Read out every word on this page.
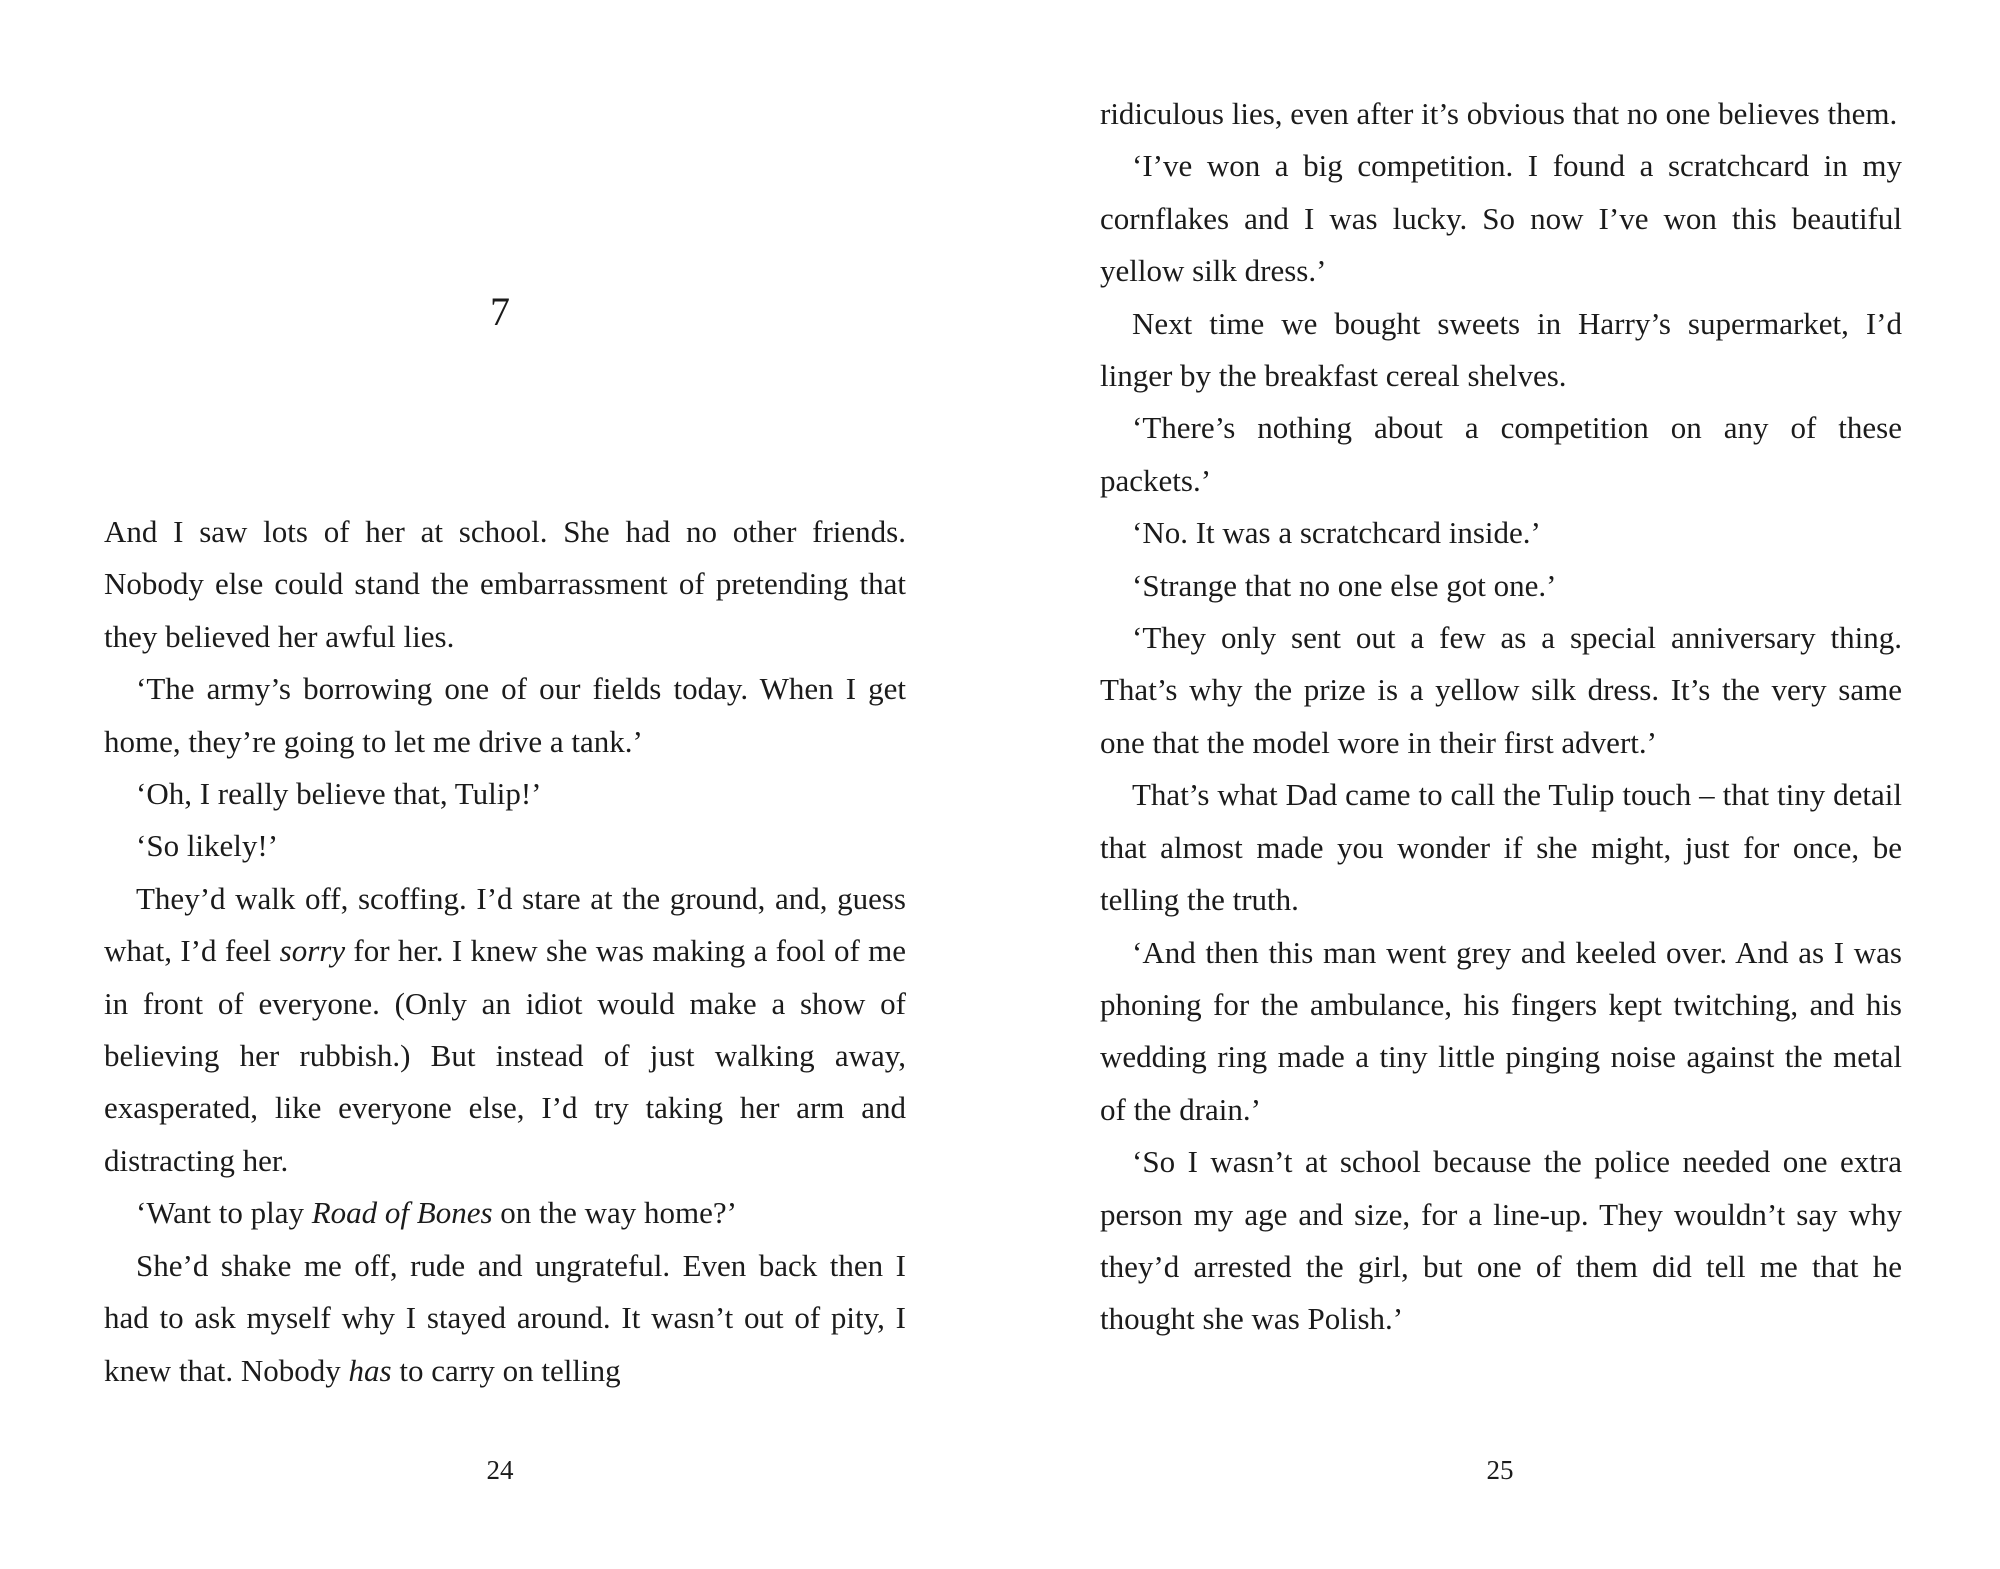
7

And I saw lots of her at school. She had no other friends. Nobody else could stand the embarrassment of pretending that they believed her awful lies.

‘The army’s borrowing one of our fields today. When I get home, they’re going to let me drive a tank.’

‘Oh, I really believe that, Tulip!’

‘So likely!’

They’d walk off, scoffing. I’d stare at the ground, and, guess what, I’d feel sorry for her. I knew she was making a fool of me in front of everyone. (Only an idiot would make a show of believing her rubbish.) But instead of just walking away, exasperated, like everyone else, I’d try taking her arm and distracting her.

‘Want to play Road of Bones on the way home?’

She’d shake me off, rude and ungrateful. Even back then I had to ask myself why I stayed around. It wasn’t out of pity, I knew that. Nobody has to carry on telling

24

ridiculous lies, even after it’s obvious that no one believes them.

‘I’ve won a big competition. I found a scratchcard in my cornflakes and I was lucky. So now I’ve won this beautiful yellow silk dress.’

Next time we bought sweets in Harry’s supermarket, I’d linger by the breakfast cereal shelves.

‘There’s nothing about a competition on any of these packets.’

‘No. It was a scratchcard inside.’

‘Strange that no one else got one.’

‘They only sent out a few as a special anniversary thing. That’s why the prize is a yellow silk dress. It’s the very same one that the model wore in their first advert.’

That’s what Dad came to call the Tulip touch – that tiny detail that almost made you wonder if she might, just for once, be telling the truth.

‘And then this man went grey and keeled over. And as I was phoning for the ambulance, his fingers kept twitching, and his wedding ring made a tiny little pinging noise against the metal of the drain.’

‘So I wasn’t at school because the police needed one extra person my age and size, for a line-up. They wouldn’t say why they’d arrested the girl, but one of them did tell me that he thought she was Polish.’

25
